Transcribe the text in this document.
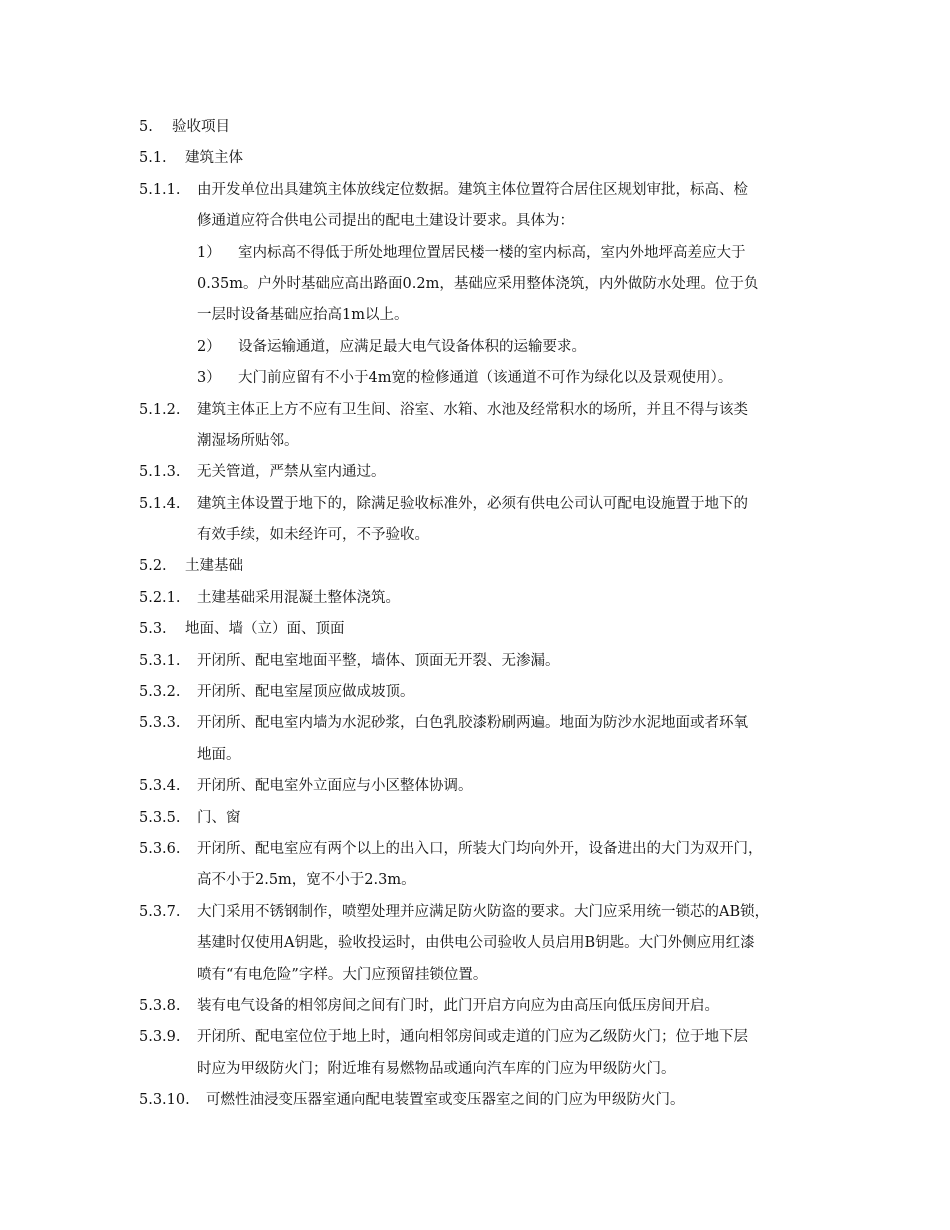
5. 验收项目
5.1. 建筑主体
5.1.1. 由开发单位出具建筑主体放线定位数据。建筑主体位置符合居住区规划审批，标高、检
修通道应符合供电公司提出的配电土建设计要求。具体为：
1） 室内标高不得低于所处地理位置居民楼一楼的室内标高，室内外地坪高差应大于
0.35m。户外时基础应高出路面0.2m，基础应采用整体浇筑，内外做防水处理。位于负
一层时设备基础应抬高1m以上。
2） 设备运输通道，应满足最大电气设备体积的运输要求。
3） 大门前应留有不小于4m宽的检修通道（该通道不可作为绿化以及景观使用）。
5.1.2. 建筑主体正上方不应有卫生间、浴室、水箱、水池及经常积水的场所，并且不得与该类
潮湿场所贴邻。
5.1.3. 无关管道，严禁从室内通过。
5.1.4. 建筑主体设置于地下的，除满足验收标准外，必须有供电公司认可配电设施置于地下的
有效手续，如未经许可，不予验收。
5.2. 土建基础
5.2.1. 土建基础采用混凝土整体浇筑。
5.3. 地面、墙（立）面、顶面
5.3.1. 开闭所、配电室地面平整，墙体、顶面无开裂、无渗漏。
5.3.2. 开闭所、配电室屋顶应做成坡顶。
5.3.3. 开闭所、配电室内墙为水泥砂浆，白色乳胶漆粉刷两遍。地面为防沙水泥地面或者环氧
地面。
5.3.4. 开闭所、配电室外立面应与小区整体协调。
5.3.5. 门、窗
5.3.6. 开闭所、配电室应有两个以上的出入口，所装大门均向外开，设备进出的大门为双开门，
高不小于2.5m，宽不小于2.3m。
5.3.7. 大门采用不锈钢制作，喷塑处理并应满足防火防盗的要求。大门应采用统一锁芯的AB锁，
基建时仅使用A钥匙，验收投运时，由供电公司验收人员启用B钥匙。大门外侧应用红漆
喷有“有电危险”字样。大门应预留挂锁位置。
5.3.8. 装有电气设备的相邻房间之间有门时，此门开启方向应为由高压向低压房间开启。
5.3.9. 开闭所、配电室位位于地上时，通向相邻房间或走道的门应为乙级防火门；位于地下层
时应为甲级防火门；附近堆有易燃物品或通向汽车库的门应为甲级防火门。
5.3.10. 可燃性油浸变压器室通向配电装置室或变压器室之间的门应为甲级防火门。
